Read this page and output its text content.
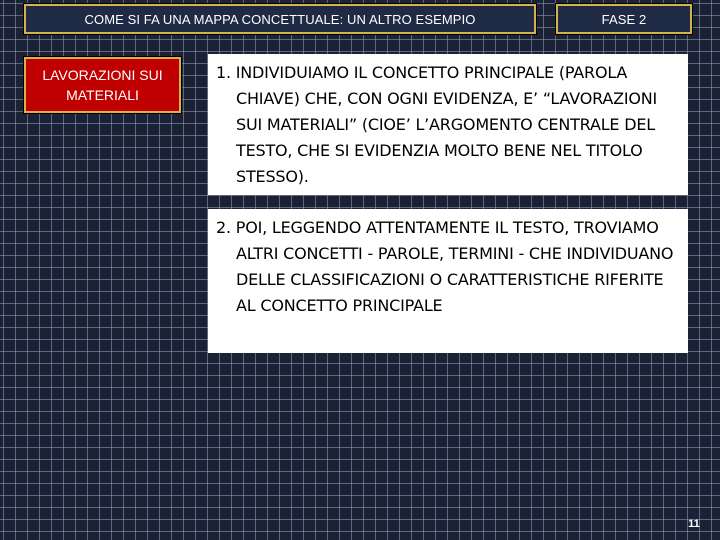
COME SI FA UNA MAPPA CONCETTUALE: UN ALTRO ESEMPIO	FASE 2
LAVORAZIONI SUI MATERIALI
1. INDIVIDUIAMO IL CONCETTO PRINCIPALE (PAROLA CHIAVE) CHE, CON OGNI EVIDENZA, E’ “LAVORAZIONI SUI MATERIALI” (CIOE’ L’ARGOMENTO CENTRALE DEL TESTO, CHE SI EVIDENZIA MOLTO BENE NEL TITOLO STESSO).
2. POI, LEGGENDO ATTENTAMENTE IL TESTO, TROVIAMO ALTRI CONCETTI - PAROLE, TERMINI - CHE INDIVIDUANO DELLE CLASSIFICAZIONI O CARATTERISTICHE RIFERITE AL CONCETTO PRINCIPALE
11
